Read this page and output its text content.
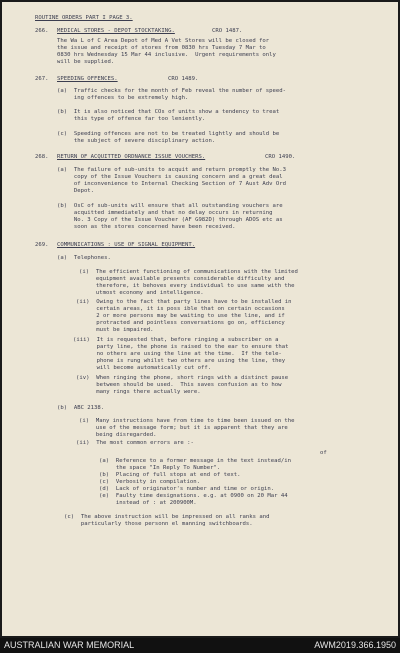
ROUTINE ORDERS PART I PAGE 3.
266. MEDICAL STORES - DEPOT STOCKTAKING.	CRO 1487.
The Wa L of C Area Depot of Med A Vet Stores will be closed for
the issue and receipt of stores from 0830 hrs Tuesday 7 Mar to
0830 hrs Wednesday 15 Mar 44 inclusive.  Urgent requirements only
will be supplied.
267. SPEEDING OFFENCES.	CRO 1489.
(a)  Traffic checks for the month of Feb reveal the number of speed-
ing offences to be extremely high.
(b)  It is also noticed that COs of units show a tendency to treat
this type of offence far too leniently.
(c)  Speeding offences are not to be treated lightly and should be
the subject of severe disciplinary action.
268. RETURN OF ACQUITTED ORDNANCE ISSUE VOUCHERS.	CRO 1490.
(a)  The failure of sub-units to acquit and return promptly the No.3
copy of the Issue Vouchers is causing concern and a great deal
of inconvenience to Internal Checking Section of 7 Aust Adv Ord
Depot.
(b)  OsC of sub-units will ensure that all outstanding vouchers are
acquitted immediately and that no delay occurs in returning
No. 3 Copy of the Issue Voucher (AF G982D) through ADOS etc as
soon as the stores concerned have been received.
269. COMMUNICATIONS : USE OF SIGNAL EQUIPMENT.
(a)  Telephones.
(i)  The efficient functioning of communications with the limited
equipment available presents considerable difficulty and
therefore, it behoves every individual to use same with the
utmost economy and intelligence.
(ii)  Owing to the fact that party lines have to be installed in
certain areas, it is poss ible that on certain occasions
2 or more persons may be waiting to use the line, and if
protracted and pointless conversations go on, efficiency
must be impaired.
(iii)  It is requested that, before ringing a subscriber on a
party line, the phone is raised to the ear to ensure that
no others are using the line at the time.  If the tele-
phone is rung whilst two others are using the line, they
will become automatically cut off.
(iv)  When ringing the phone, short rings with a distinct pause
between should be used.  This saves confusion as to how
many rings there actually were.
(b)  ABC 2138.
(i)  Many instructions have from time to time been issued on the
use of the message form; but it is apparent that they are
being disregarded.
(ii)  The most common errors are :-
of
(a)  Reference to a former message in the text instead/in
the space "In Reply To Number".
(b)  Placing of full stops at end of text.
(c)  Verbosity in compilation.
(d)  Lack of originator's number and time or origin.
(e)  Faulty time designations. e.g. at 0900 on 20 Mar 44
instead of : at 200900M.
(c)  The above instruction will be impressed on all ranks and
particularly those personn el manning switchboards.
AUSTRALIAN WAR MEMORIAL	AWM2019.366.1950
